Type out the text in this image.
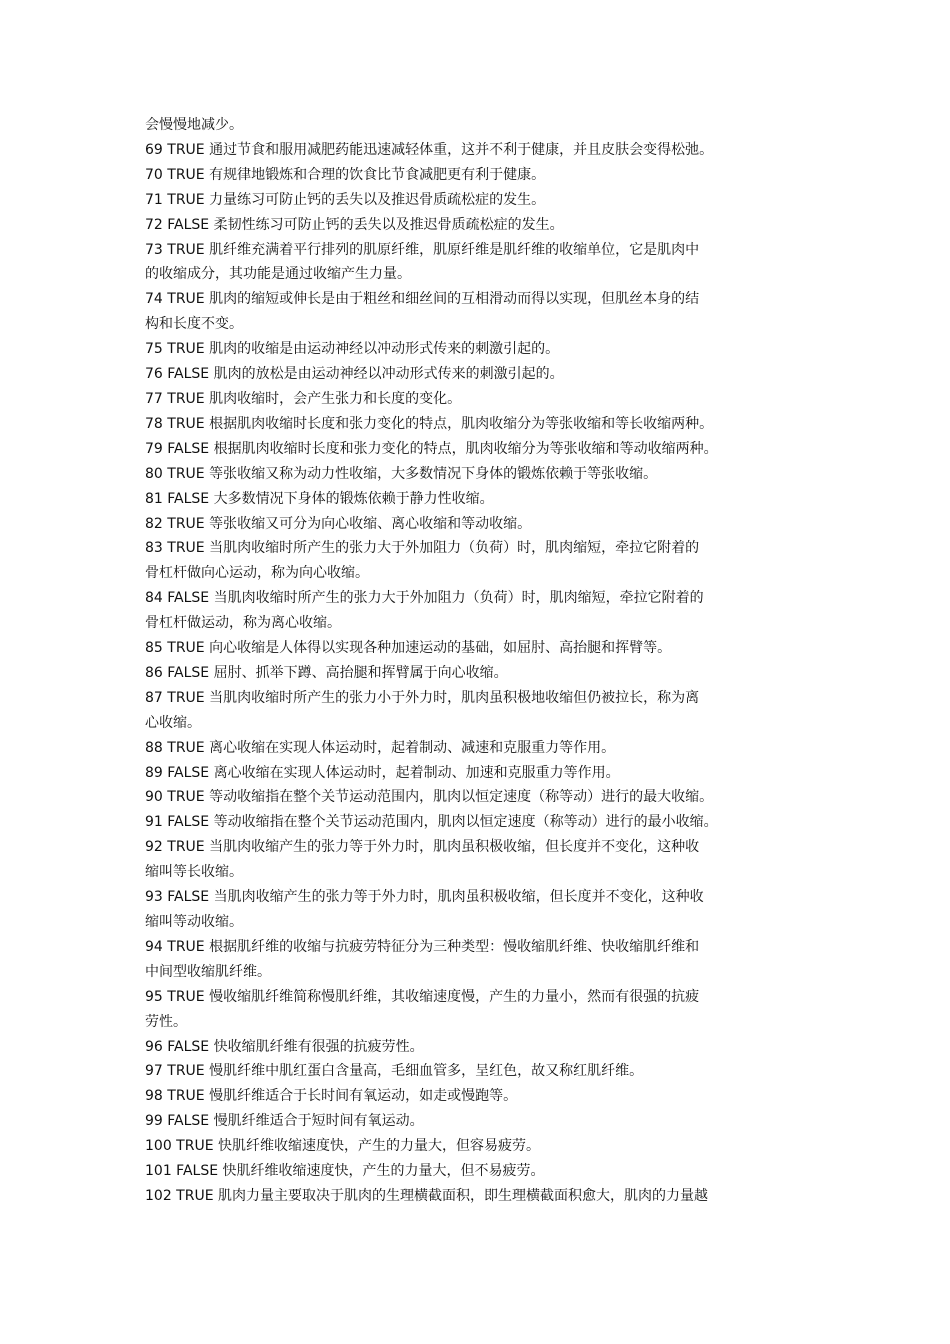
会慢慢地减少。
69 TRUE 通过节食和服用减肥药能迅速减轻体重，这并不利于健康，并且皮肤会变得松弛。
70 TRUE 有规律地锻炼和合理的饮食比节食减肥更有利于健康。
71 TRUE 力量练习可防止钙的丢失以及推迟骨质疏松症的发生。
72 FALSE 柔韧性练习可防止钙的丢失以及推迟骨质疏松症的发生。
73 TRUE 肌纤维充满着平行排列的肌原纤维，肌原纤维是肌纤维的收缩单位，它是肌肉中
的收缩成分，其功能是通过收缩产生力量。
74 TRUE 肌肉的缩短或伸长是由于粗丝和细丝间的互相滑动而得以实现，但肌丝本身的结
构和长度不变。
75 TRUE 肌肉的收缩是由运动神经以冲动形式传来的刺激引起的。
76 FALSE 肌肉的放松是由运动神经以冲动形式传来的刺激引起的。
77 TRUE 肌肉收缩时，会产生张力和长度的变化。
78 TRUE 根据肌肉收缩时长度和张力变化的特点，肌肉收缩分为等张收缩和等长收缩两种。
79 FALSE 根据肌肉收缩时长度和张力变化的特点，肌肉收缩分为等张收缩和等动收缩两种。
80 TRUE 等张收缩又称为动力性收缩，大多数情况下身体的锻炼依赖于等张收缩。
81 FALSE 大多数情况下身体的锻炼依赖于静力性收缩。
82 TRUE 等张收缩又可分为向心收缩、离心收缩和等动收缩。
83 TRUE 当肌肉收缩时所产生的张力大于外加阻力（负荷）时，肌肉缩短，牵拉它附着的
骨杠杆做向心运动，称为向心收缩。
84 FALSE 当肌肉收缩时所产生的张力大于外加阻力（负荷）时，肌肉缩短，牵拉它附着的
骨杠杆做运动，称为离心收缩。
85 TRUE 向心收缩是人体得以实现各种加速运动的基础，如屈肘、高抬腿和挥臂等。
86 FALSE 屈肘、抓举下蹲、高抬腿和挥臂属于向心收缩。
87 TRUE 当肌肉收缩时所产生的张力小于外力时，肌肉虽积极地收缩但仍被拉长，称为离
心收缩。
88 TRUE 离心收缩在实现人体运动时，起着制动、减速和克服重力等作用。
89 FALSE 离心收缩在实现人体运动时，起着制动、加速和克服重力等作用。
90 TRUE 等动收缩指在整个关节运动范围内，肌肉以恒定速度（称等动）进行的最大收缩。
91 FALSE 等动收缩指在整个关节运动范围内，肌肉以恒定速度（称等动）进行的最小收缩。
92 TRUE 当肌肉收缩产生的张力等于外力时，肌肉虽积极收缩，但长度并不变化，这种收
缩叫等长收缩。
93 FALSE 当肌肉收缩产生的张力等于外力时，肌肉虽积极收缩，但长度并不变化，这种收
缩叫等动收缩。
94 TRUE 根据肌纤维的收缩与抗疲劳特征分为三种类型：慢收缩肌纤维、快收缩肌纤维和
中间型收缩肌纤维。
95 TRUE 慢收缩肌纤维简称慢肌纤维，其收缩速度慢，产生的力量小，然而有很强的抗疲
劳性。
96 FALSE 快收缩肌纤维有很强的抗疲劳性。
97 TRUE 慢肌纤维中肌红蛋白含量高，毛细血管多，呈红色，故又称红肌纤维。
98 TRUE 慢肌纤维适合于长时间有氧运动，如走或慢跑等。
99 FALSE 慢肌纤维适合于短时间有氧运动。
100 TRUE 快肌纤维收缩速度快，产生的力量大，但容易疲劳。
101 FALSE 快肌纤维收缩速度快，产生的力量大，但不易疲劳。
102 TRUE 肌肉力量主要取决于肌肉的生理横截面积，即生理横截面积愈大，肌肉的力量越
